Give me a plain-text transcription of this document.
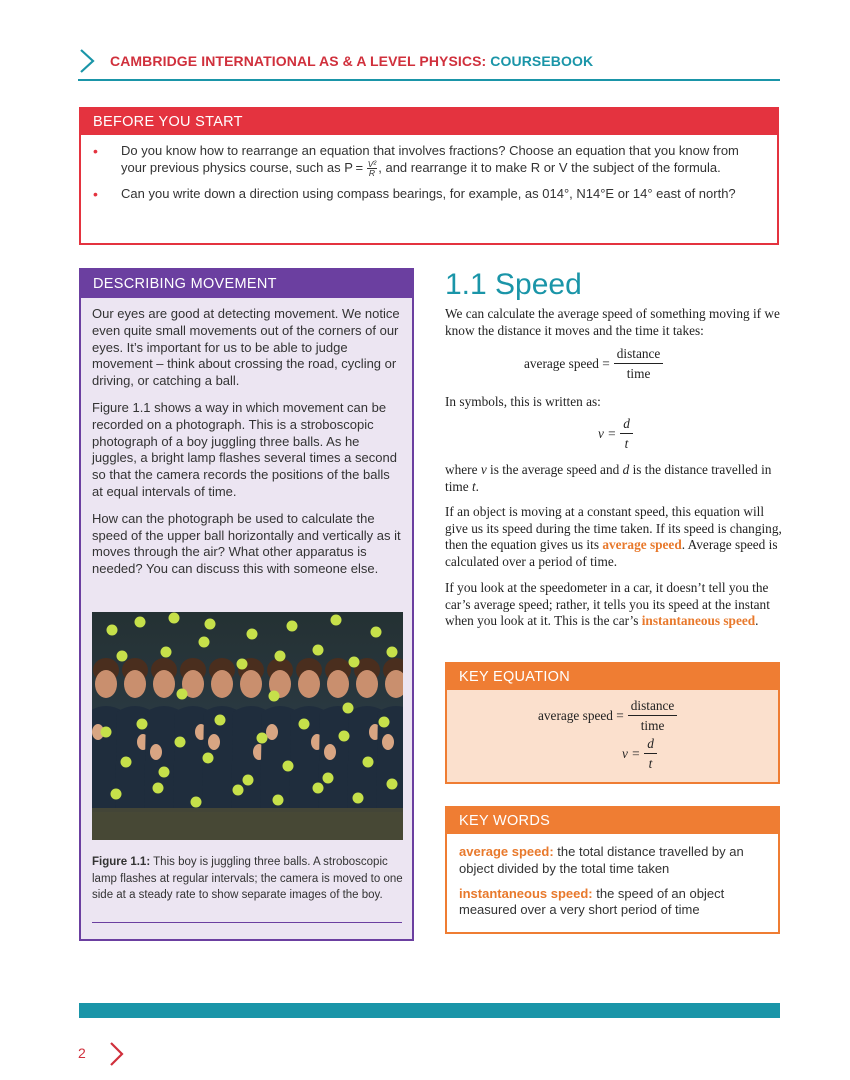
CAMBRIDGE INTERNATIONAL AS & A LEVEL PHYSICS: COURSEBOOK
BEFORE YOU START
• Do you know how to rearrange an equation that involves fractions? Choose an equation that you know from your previous physics course, such as $P = \frac{\text{V²}}{R}$ , and rearrange it to make R or V the subject of the formula.
• Can you write down a direction using compass bearings, for example, as 014°, N14°E or 14° east of north?
DESCRIBING MOVEMENT

Our eyes are good at detecting movement. We notice even quite small movements out of the corners of our eyes. It’s important for us to be able to judge movement – think about crossing the road, cycling or driving, or catching a ball.

Figure 1.1 shows a way in which movement can be recorded on a photograph. This is a stroboscopic photograph of a boy juggling three balls. As he juggles, a bright lamp flashes several times a second so that the camera records the positions of the balls at equal intervals of time.

How can the photograph be used to calculate the speed of the upper ball horizontally and vertically as it moves through the air? What other apparatus is needed? You can discuss this with someone else.

Figure 1.1: This boy is juggling three balls. A stroboscopic lamp flashes at regular intervals; the camera is moved to one side at a steady rate to show separate images of the boy.
1.1 Speed

We can calculate the average speed of something moving if we know the distance it moves and the time it takes:

average speed =
distance
time

In symbols, this is written as:

$v = \frac{d}{t}$

where v is the average speed and d is the distance travelled in time t.

If an object is moving at a constant speed, this equation will give us its speed during the time taken. If its speed is changing, then the equation gives us its average speed. Average speed is calculated over a period of time.

If you look at the speedometer in a car, it doesn’t tell you the car’s average speed; rather, it tells you its speed at the instant when you look at it. This is the car’s instantaneous speed.

KEY EQUATION
average speed =
distance
time
$v = \frac{d}{t}$
KEY WORDS

average speed: the total distance travelled by an object divided by the total time taken

instantaneous speed: the speed of an object measured over a very short period of time

2
